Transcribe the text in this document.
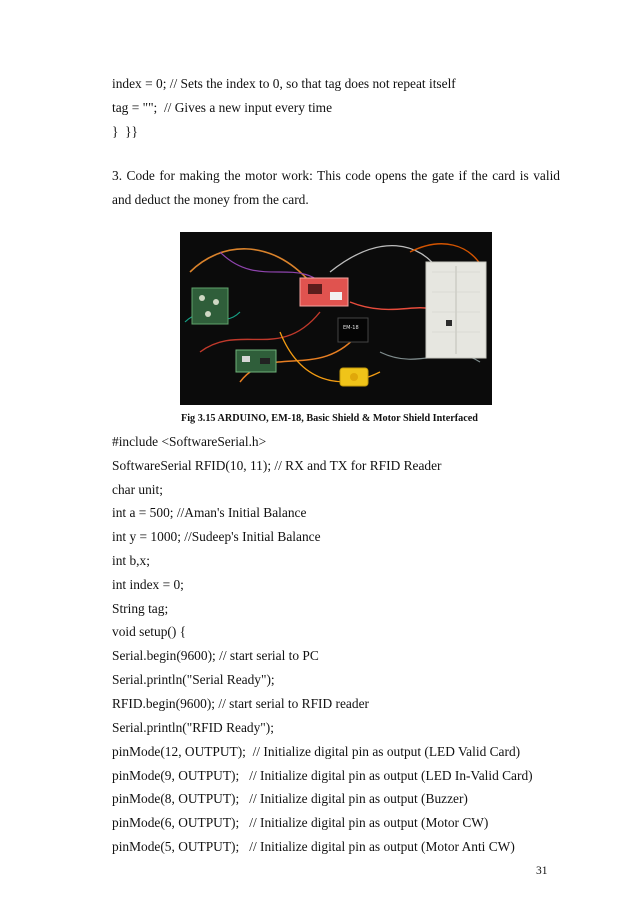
index = 0; // Sets the index to 0, so that tag does not repeat itself
tag = "";  // Gives a new input every time
}  }}
3. Code for making the motor work: This code opens the gate if the card is valid and deduct the money from the card.
EM-18
Fig 3.15 ARDUINO, EM-18, Basic Shield & Motor Shield Interfaced
#include <SoftwareSerial.h>
SoftwareSerial RFID(10, 11); // RX and TX for RFID Reader
char unit;
int a = 500; //Aman's Initial Balance
int y = 1000; //Sudeep's Initial Balance
int b,x;
int index = 0;
String tag;
void setup() {
Serial.begin(9600); // start serial to PC
Serial.println("Serial Ready");
RFID.begin(9600); // start serial to RFID reader
Serial.println("RFID Ready");
pinMode(12, OUTPUT);  // Initialize digital pin as output (LED Valid Card)
pinMode(9, OUTPUT);   // Initialize digital pin as output (LED In-Valid Card)
pinMode(8, OUTPUT);   // Initialize digital pin as output (Buzzer)
pinMode(6, OUTPUT);   // Initialize digital pin as output (Motor CW)
pinMode(5, OUTPUT);   // Initialize digital pin as output (Motor Anti CW)
31
